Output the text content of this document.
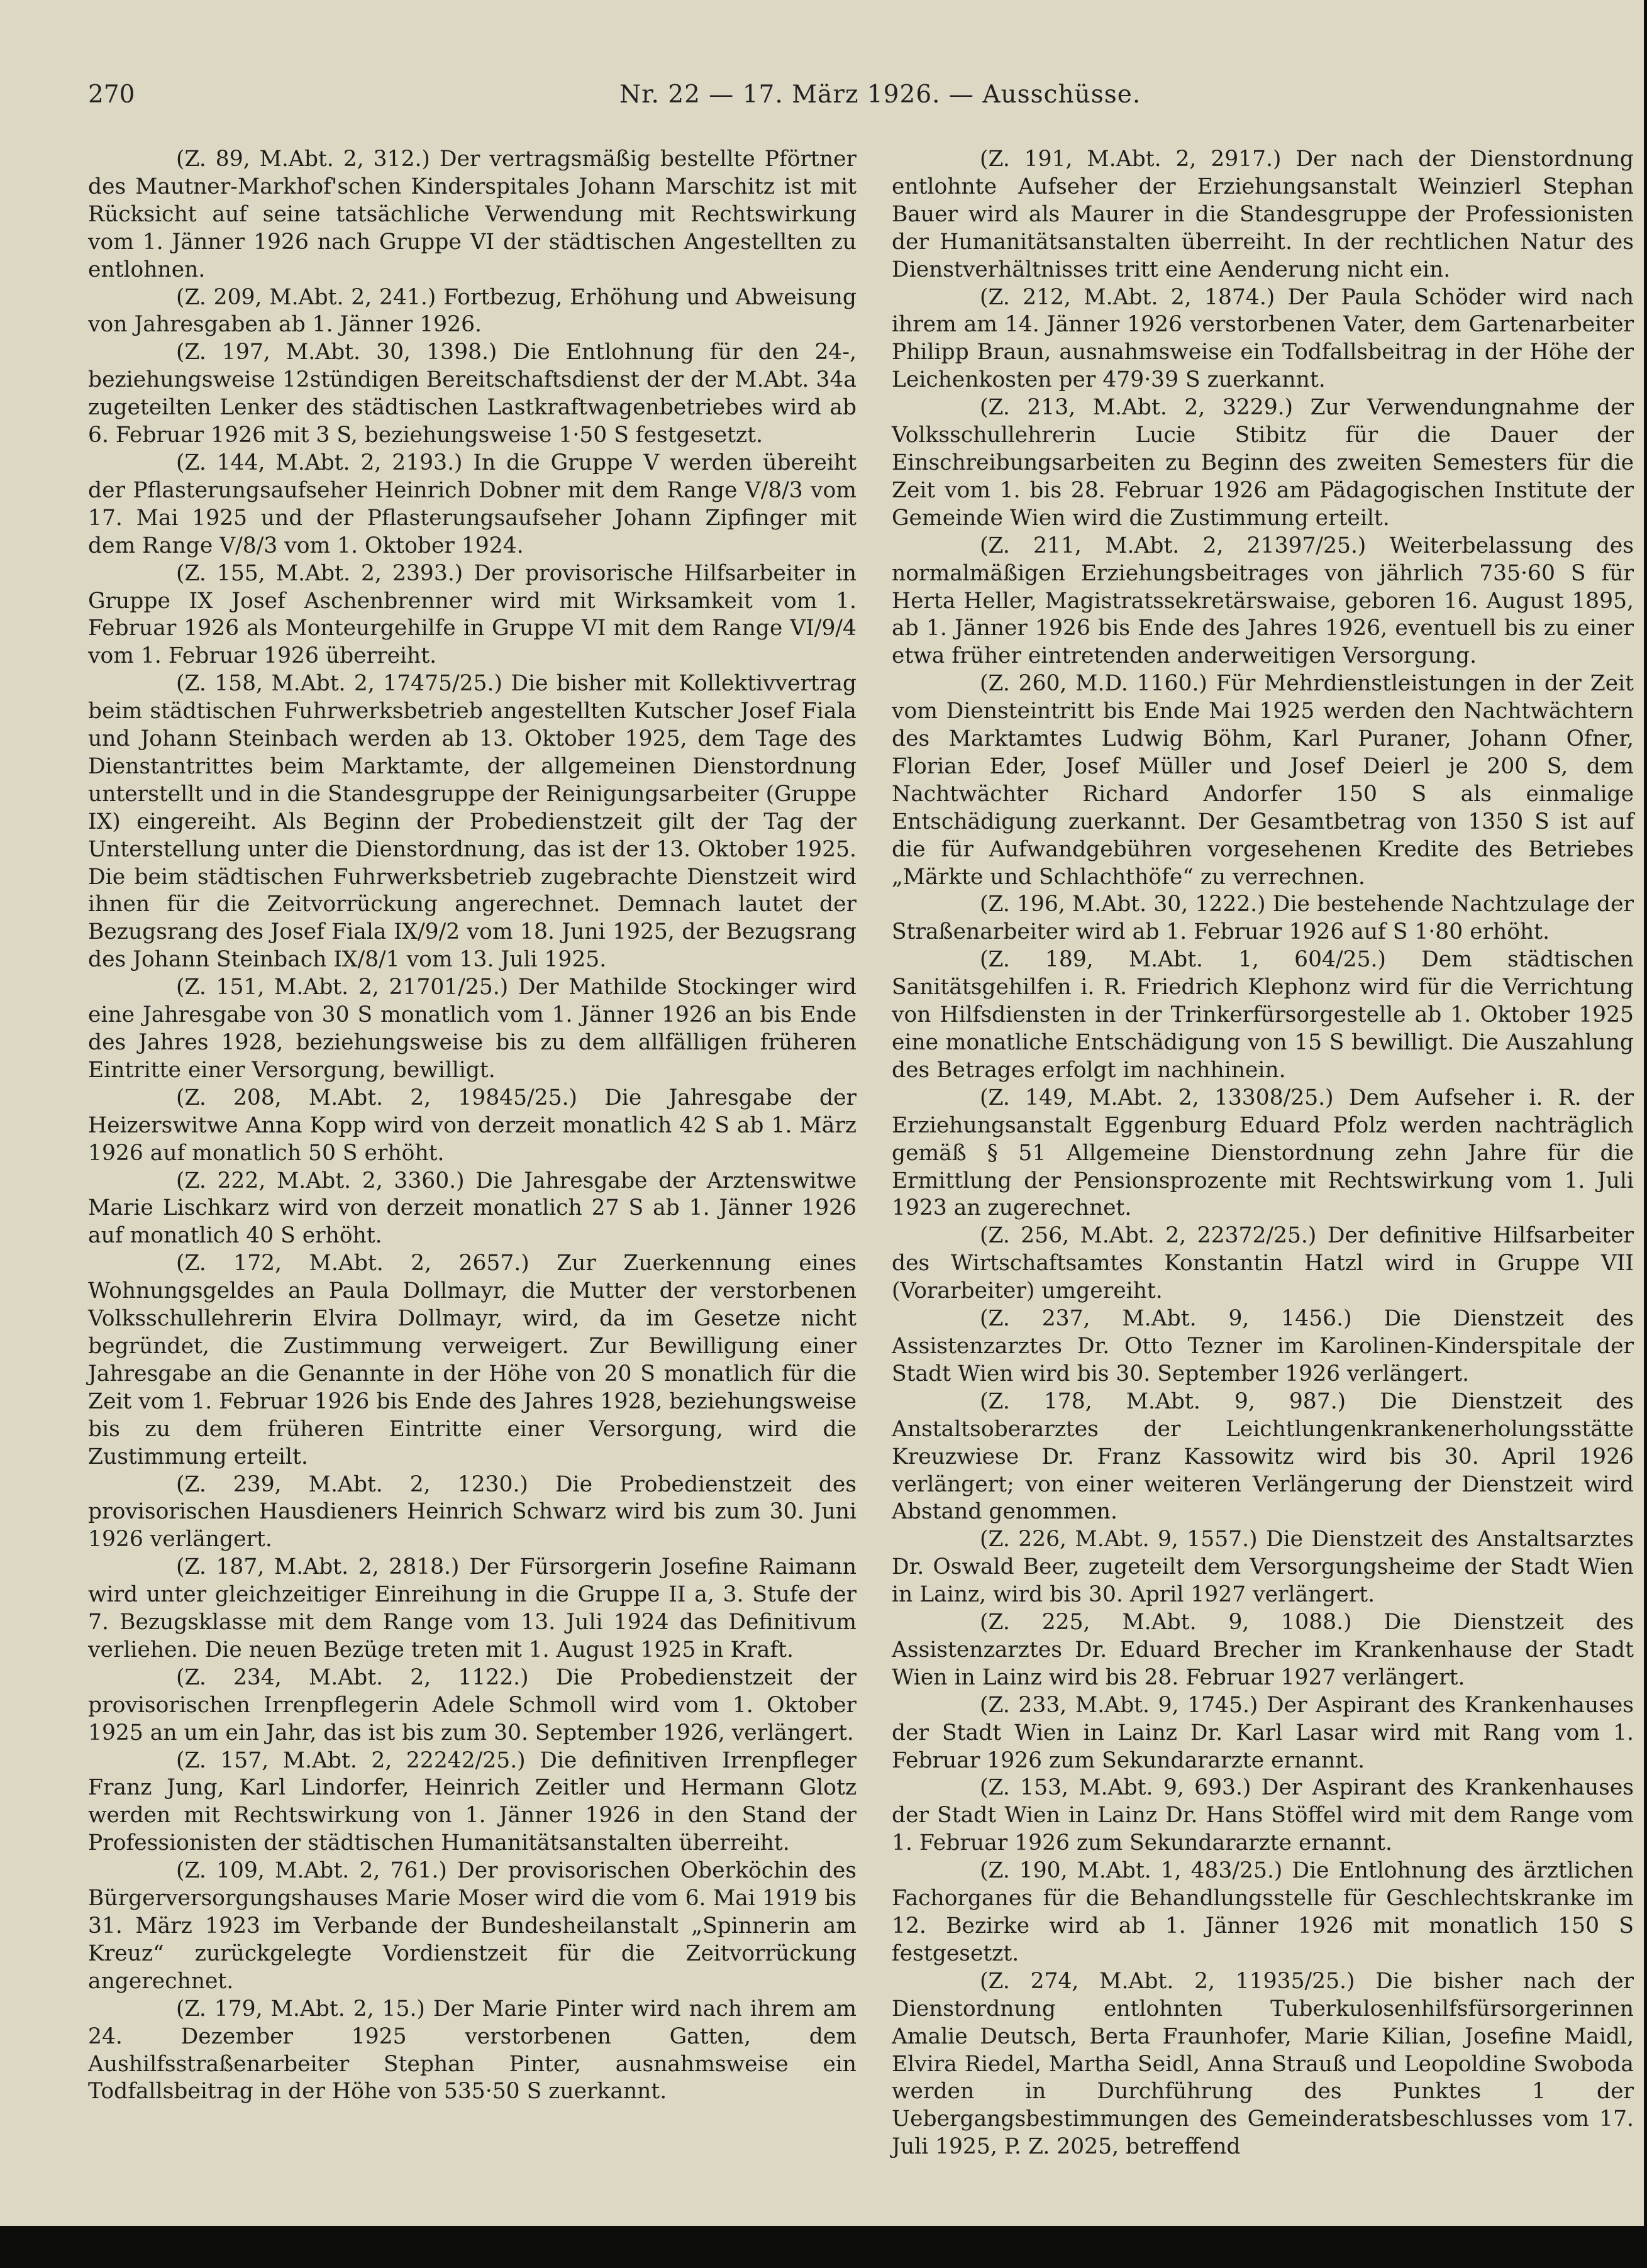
270	Nr. 22 — 17. März 1926. — Ausschüsse.

(Z. 89, M.Abt. 2, 312.) Der vertragsmäßig bestellte Pförtner des Mautner-Markhof'schen Kinderspitales Johann Marschitz ist mit Rücksicht auf seine tatsächliche Verwendung mit Rechtswirkung vom 1. Jänner 1926 nach Gruppe VI der städtischen Angestellten zu entlohnen.

(Z. 209, M.Abt. 2, 241.) Fortbezug, Erhöhung und Abweisung von Jahresgaben ab 1. Jänner 1926.

(Z. 197, M.Abt. 30, 1398.) Die Entlohnung für den 24-, beziehungsweise 12stündigen Bereitschaftsdienst der der M.Abt. 34a zugeteilten Lenker des städtischen Lastkraftwagenbetriebes wird ab 6. Februar 1926 mit 3 S, beziehungsweise 1·50 S festgesetzt.

(Z. 144, M.Abt. 2, 2193.) In die Gruppe V werden übereiht der Pflasterungsaufseher Heinrich Dobner mit dem Range V/8/3 vom 17. Mai 1925 und der Pflasterungsaufseher Johann Zipfinger mit dem Range V/8/3 vom 1. Oktober 1924.

(Z. 155, M.Abt. 2, 2393.) Der provisorische Hilfsarbeiter in Gruppe IX Josef Aschenbrenner wird mit Wirksamkeit vom 1. Februar 1926 als Monteurgehilfe in Gruppe VI mit dem Range VI/9/4 vom 1. Februar 1926 überreiht.

(Z. 158, M.Abt. 2, 17475/25.) Die bisher mit Kollektivvertrag beim städtischen Fuhrwerksbetrieb angestellten Kutscher Josef Fiala und Johann Steinbach werden ab 13. Oktober 1925, dem Tage des Dienstantrittes beim Marktamte, der allgemeinen Dienstordnung unterstellt und in die Standesgruppe der Reinigungsarbeiter (Gruppe IX) eingereiht. Als Beginn der Probedienstzeit gilt der Tag der Unterstellung unter die Dienstordnung, das ist der 13. Oktober 1925. Die beim städtischen Fuhrwerksbetrieb zugebrachte Dienstzeit wird ihnen für die Zeitvorrückung angerechnet. Demnach lautet der Bezugsrang des Josef Fiala IX/9/2 vom 18. Juni 1925, der Bezugsrang des Johann Steinbach IX/8/1 vom 13. Juli 1925.

(Z. 151, M.Abt. 2, 21701/25.) Der Mathilde Stockinger wird eine Jahresgabe von 30 S monatlich vom 1. Jänner 1926 an bis Ende des Jahres 1928, beziehungsweise bis zu dem allfälligen früheren Eintritte einer Versorgung, bewilligt.

(Z. 208, M.Abt. 2, 19845/25.) Die Jahresgabe der Heizerswitwe Anna Kopp wird von derzeit monatlich 42 S ab 1. März 1926 auf monatlich 50 S erhöht.

(Z. 222, M.Abt. 2, 3360.) Die Jahresgabe der Arztenswitwe Marie Lischkarz wird von derzeit monatlich 27 S ab 1. Jänner 1926 auf monatlich 40 S erhöht.

(Z. 172, M.Abt. 2, 2657.) Zur Zuerkennung eines Wohnungsgeldes an Paula Dollmayr, die Mutter der verstorbenen Volksschullehrerin Elvira Dollmayr, wird, da im Gesetze nicht begründet, die Zustimmung verweigert. Zur Bewilligung einer Jahresgabe an die Genannte in der Höhe von 20 S monatlich für die Zeit vom 1. Februar 1926 bis Ende des Jahres 1928, beziehungsweise bis zu dem früheren Eintritte einer Versorgung, wird die Zustimmung erteilt.

(Z. 239, M.Abt. 2, 1230.) Die Probedienstzeit des provisorischen Hausdieners Heinrich Schwarz wird bis zum 30. Juni 1926 verlängert.

(Z. 187, M.Abt. 2, 2818.) Der Fürsorgerin Josefine Raimann wird unter gleichzeitiger Einreihung in die Gruppe II a, 3. Stufe der 7. Bezugsklasse mit dem Range vom 13. Juli 1924 das Definitivum verliehen. Die neuen Bezüge treten mit 1. August 1925 in Kraft.

(Z. 234, M.Abt. 2, 1122.) Die Probedienstzeit der provisorischen Irrenpflegerin Adele Schmoll wird vom 1. Oktober 1925 an um ein Jahr, das ist bis zum 30. September 1926, verlängert.

(Z. 157, M.Abt. 2, 22242/25.) Die definitiven Irrenpfleger Franz Jung, Karl Lindorfer, Heinrich Zeitler und Hermann Glotz werden mit Rechtswirkung von 1. Jänner 1926 in den Stand der Professionisten der städtischen Humanitätsanstalten überreiht.

(Z. 109, M.Abt. 2, 761.) Der provisorischen Oberköchin des Bürgerversorgungshauses Marie Moser wird die vom 6. Mai 1919 bis 31. März 1923 im Verbande der Bundesheilanstalt „Spinnerin am Kreuz“ zurückgelegte Vordienstzeit für die Zeitvorrückung angerechnet.

(Z. 179, M.Abt. 2, 15.) Der Marie Pinter wird nach ihrem am 24. Dezember 1925 verstorbenen Gatten, dem Aushilfsstraßenarbeiter Stephan Pinter, ausnahmsweise ein Todfallsbeitrag in der Höhe von 535·50 S zuerkannt.

(Z. 191, M.Abt. 2, 2917.) Der nach der Dienstordnung entlohnte Aufseher der Erziehungsanstalt Weinzierl Stephan Bauer wird als Maurer in die Standesgruppe der Professionisten der Humanitätsanstalten überreiht. In der rechtlichen Natur des Dienstverhältnisses tritt eine Aenderung nicht ein.

(Z. 212, M.Abt. 2, 1874.) Der Paula Schöder wird nach ihrem am 14. Jänner 1926 verstorbenen Vater, dem Gartenarbeiter Philipp Braun, ausnahmsweise ein Todfallsbeitrag in der Höhe der Leichenkosten per 479·39 S zuerkannt.

(Z. 213, M.Abt. 2, 3229.) Zur Verwendungnahme der Volksschullehrerin Lucie Stibitz für die Dauer der Einschreibungsarbeiten zu Beginn des zweiten Semesters für die Zeit vom 1. bis 28. Februar 1926 am Pädagogischen Institute der Gemeinde Wien wird die Zustimmung erteilt.

(Z. 211, M.Abt. 2, 21397/25.) Weiterbelassung des normalmäßigen Erziehungsbeitrages von jährlich 735·60 S für Herta Heller, Magistratssekretärswaise, geboren 16. August 1895, ab 1. Jänner 1926 bis Ende des Jahres 1926, eventuell bis zu einer etwa früher eintretenden anderweitigen Versorgung.

(Z. 260, M.D. 1160.) Für Mehrdienstleistungen in der Zeit vom Diensteintritt bis Ende Mai 1925 werden den Nachtwächtern des Marktamtes Ludwig Böhm, Karl Puraner, Johann Ofner, Florian Eder, Josef Müller und Josef Deierl je 200 S, dem Nachtwächter Richard Andorfer 150 S als einmalige Entschädigung zuerkannt. Der Gesamtbetrag von 1350 S ist auf die für Aufwandgebühren vorgesehenen Kredite des Betriebes „Märkte und Schlachthöfe“ zu verrechnen.

(Z. 196, M.Abt. 30, 1222.) Die bestehende Nachtzulage der Straßenarbeiter wird ab 1. Februar 1926 auf S 1·80 erhöht.

(Z. 189, M.Abt. 1, 604/25.) Dem städtischen Sanitätsgehilfen i. R. Friedrich Klephonz wird für die Verrichtung von Hilfsdiensten in der Trinkerfürsorgestelle ab 1. Oktober 1925 eine monatliche Entschädigung von 15 S bewilligt. Die Auszahlung des Betrages erfolgt im nachhinein.

(Z. 149, M.Abt. 2, 13308/25.) Dem Aufseher i. R. der Erziehungsanstalt Eggenburg Eduard Pfolz werden nachträglich gemäß § 51 Allgemeine Dienstordnung zehn Jahre für die Ermittlung der Pensionsprozente mit Rechtswirkung vom 1. Juli 1923 an zugerechnet.

(Z. 256, M.Abt. 2, 22372/25.) Der definitive Hilfsarbeiter des Wirtschaftsamtes Konstantin Hatzl wird in Gruppe VII (Vorarbeiter) umgereiht.

(Z. 237, M.Abt. 9, 1456.) Die Dienstzeit des Assistenzarztes Dr. Otto Tezner im Karolinen-Kinderspitale der Stadt Wien wird bis 30. September 1926 verlängert.

(Z. 178, M.Abt. 9, 987.) Die Dienstzeit des Anstaltsoberarztes der Leichtlungenkrankenerholungsstätte Kreuzwiese Dr. Franz Kassowitz wird bis 30. April 1926 verlängert; von einer weiteren Verlängerung der Dienstzeit wird Abstand genommen.

(Z. 226, M.Abt. 9, 1557.) Die Dienstzeit des Anstaltsarztes Dr. Oswald Beer, zugeteilt dem Versorgungsheime der Stadt Wien in Lainz, wird bis 30. April 1927 verlängert.

(Z. 225, M.Abt. 9, 1088.) Die Dienstzeit des Assistenzarztes Dr. Eduard Brecher im Krankenhause der Stadt Wien in Lainz wird bis 28. Februar 1927 verlängert.

(Z. 233, M.Abt. 9, 1745.) Der Aspirant des Krankenhauses der Stadt Wien in Lainz Dr. Karl Lasar wird mit Rang vom 1. Februar 1926 zum Sekundararzte ernannt.

(Z. 153, M.Abt. 9, 693.) Der Aspirant des Krankenhauses der Stadt Wien in Lainz Dr. Hans Stöffel wird mit dem Range vom 1. Februar 1926 zum Sekundararzte ernannt.

(Z. 190, M.Abt. 1, 483/25.) Die Entlohnung des ärztlichen Fachorganes für die Behandlungsstelle für Geschlechtskranke im 12. Bezirke wird ab 1. Jänner 1926 mit monatlich 150 S festgesetzt.

(Z. 274, M.Abt. 2, 11935/25.) Die bisher nach der Dienstordnung entlohnten Tuberkulosenhilfsfürsorgerinnen Amalie Deutsch, Berta Fraunhofer, Marie Kilian, Josefine Maidl, Elvira Riedel, Martha Seidl, Anna Strauß und Leopoldine Swoboda werden in Durchführung des Punktes 1 der Uebergangsbestimmungen des Gemeinderatsbeschlusses vom 17. Juli 1925, P. Z. 2025, betreffend
